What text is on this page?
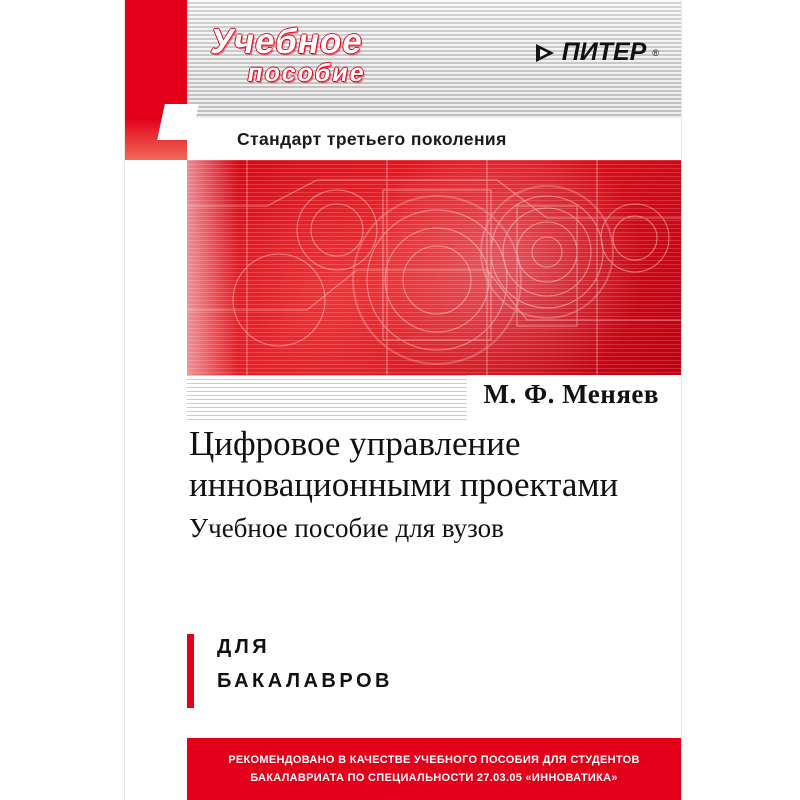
Учебное
пособие
ПИТЕР ®
Стандарт третьего поколения
М. Ф. Меняев
Цифровое управление инновационными проектами
Учебное пособие для вузов
ДЛЯ
БАКАЛАВРОВ
РЕКОМЕНДОВАНО В КАЧЕСТВЕ УЧЕБНОГО ПОСОБИЯ ДЛЯ СТУДЕНТОВ
БАКАЛАВРИАТА ПО СПЕЦИАЛЬНОСТИ 27.03.05 «ИННОВАТИКА»
